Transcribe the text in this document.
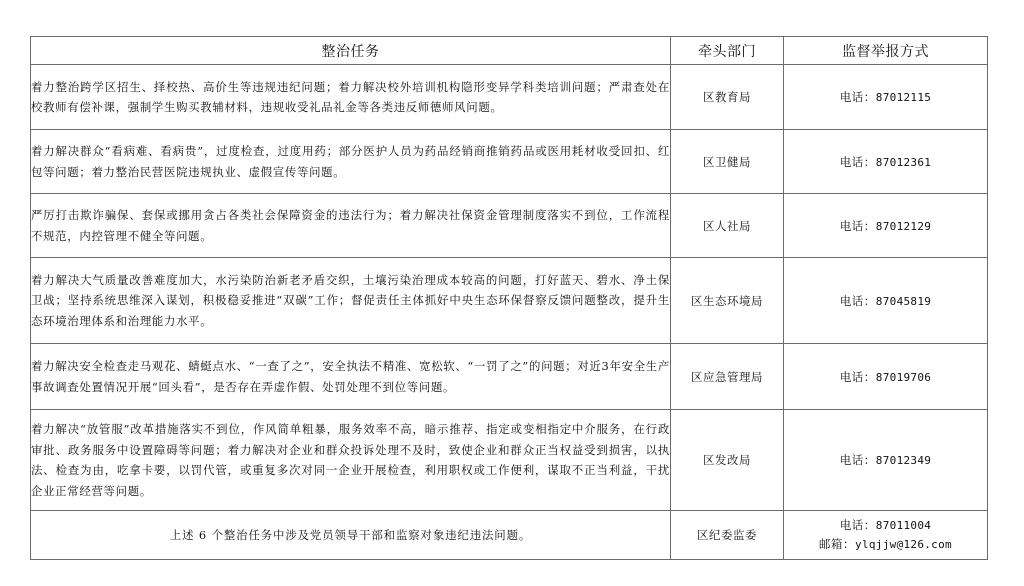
整治任务	牵头部门	监督举报方式
着力整治跨学区招生、择校热、高价生等违规违纪问题；着力解决校外培训机构隐形变异学科类培训问题；严肃查处在校教师有偿补课，强制学生购买教辅材料，违规收受礼品礼金等各类违反师德师风问题。	区教育局	电话：87012115
着力解决群众“看病难、看病贵”，过度检查，过度用药；部分医护人员为药品经销商推销药品或医用耗材收受回扣、红包等问题；着力整治民营医院违规执业、虚假宣传等问题。	区卫健局	电话：87012361
严厉打击欺诈骗保、套保或挪用贪占各类社会保障资金的违法行为；着力解决社保资金管理制度落实不到位，工作流程不规范，内控管理不健全等问题。	区人社局	电话：87012129
着力解决大气质量改善难度加大，水污染防治新老矛盾交织，土壤污染治理成本较高的问题，打好蓝天、碧水、净土保卫战；坚持系统思维深入谋划，积极稳妥推进“双碳”工作；督促责任主体抓好中央生态环保督察反馈问题整改，提升生态环境治理体系和治理能力水平。	区生态环境局	电话：87045819
着力解决安全检查走马观花、蜻蜓点水、“一查了之”，安全执法不精准、宽松软、“一罚了之”的问题；对近3年安全生产事故调查处置情况开展“回头看”，是否存在弄虚作假、处罚处理不到位等问题。	区应急管理局	电话：87019706
着力解决“放管服”改革措施落实不到位，作风简单粗暴，服务效率不高，暗示推荐、指定或变相指定中介服务，在行政审批、政务服务中设置障碍等问题；着力解决对企业和群众投诉处理不及时，致使企业和群众正当权益受到损害，以执法、检查为由，吃拿卡要，以罚代管，或重复多次对同一企业开展检查，利用职权或工作便利，谋取不正当利益，干扰企业正常经营等问题。	区发改局	电话：87012349
上述 6 个整治任务中涉及党员领导干部和监察对象违纪违法问题。	区纪委监委	电话：87011004
邮箱：ylqjjw@126.com
